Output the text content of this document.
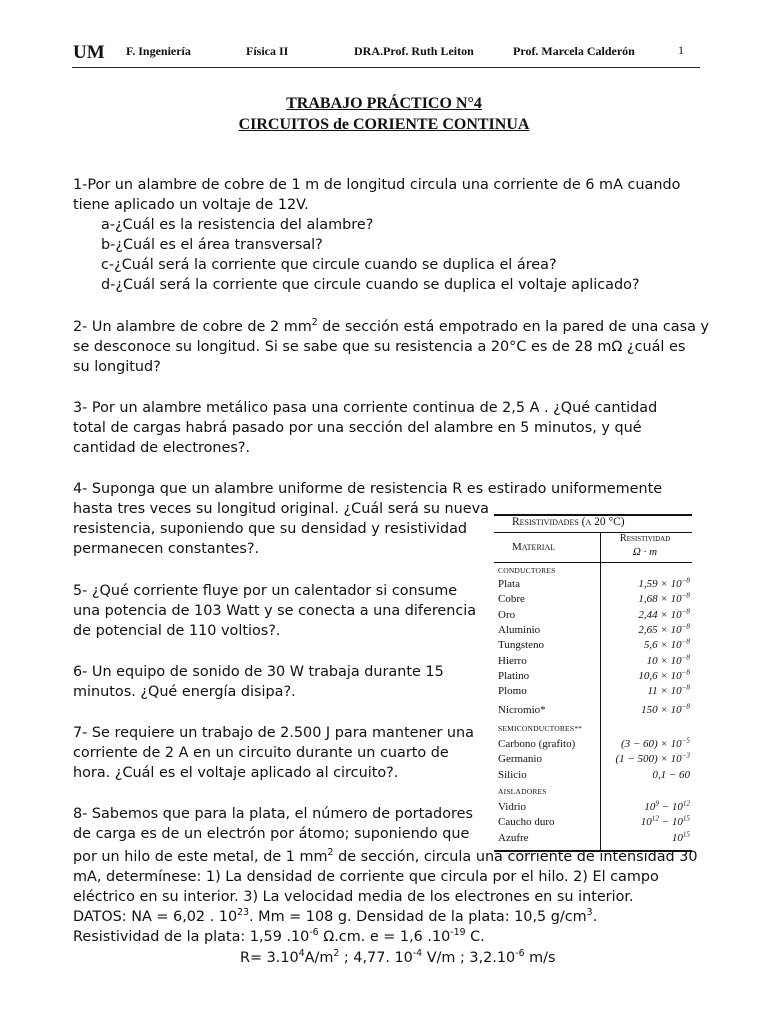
UM F. Ingeniería	Física II	DRA.Prof. Ruth Leiton	Prof. Marcela Calderón	1
TRABAJO PRÁCTICO N°4
CIRCUITOS de CORIENTE CONTINUA
1-Por un alambre de cobre de 1 m de longitud circula una corriente de 6 mA cuando
tiene aplicado un voltaje de 12V.
a-¿Cuál es la resistencia del alambre?
b-¿Cuál es el área transversal?
c-¿Cuál será la corriente que circule cuando se duplica el área?
d-¿Cuál será la corriente que circule cuando se duplica el voltaje aplicado?
2- Un alambre de cobre de 2 $mm^2$ de sección está empotrado en la pared de una casa y
se desconoce su longitud. Si se sabe que su resistencia a 20°C es de 28 mΩ ¿cuál es
su longitud?
3- Por un alambre metálico pasa una corriente continua de 2,5 A . ¿Qué cantidad
total de cargas habrá pasado por una sección del alambre en 5 minutos, y qué
cantidad de electrones?.
4- Suponga que un alambre uniforme de resistencia R es estirado uniformemente
hasta tres veces su longitud original. ¿Cuál será su nueva
resistencia, suponiendo que su densidad y resistividad
permanecen constantes?.
5- ¿Qué corriente fluye por un calentador si consume
una potencia de 103 Watt y se conecta a una diferencia
de potencial de 110 voltios?.
6- Un equipo de sonido de 30 W trabaja durante 15
minutos. ¿Qué energía disipa?.
7- Se requiere un trabajo de 2.500 J para mantener una
corriente de 2 A en un circuito durante un cuarto de
hora. ¿Cuál es el voltaje aplicado al circuito?.
8- Sabemos que para la plata, el número de portadores
de carga es de un electrón por átomo; suponiendo que
por un hilo de este metal, de 1 $mm^2$ de sección, circula una corriente de intensidad 30
mA, determínese: 1) La densidad de corriente que circula por el hilo. 2) El campo
eléctrico en su interior. 3) La velocidad media de los electrones en su interior.
DATOS: NA = 6,02 . $10^{23}$. Mm = 108 g. Densidad de la plata: 10,5 $g/cm^3$.
Resistividad de la plata: 1,59 $.10^{-6}$ Ω.cm. e = 1,6 $.10^{-19}$ C.
$R= 3.10^4A/m^2$ ; 4,77. $10^{-4}$ V/m ; $3,2.10^{-6}$ m/s
Resistividades (a 20 °C)
Material
Resistividad
Ω · m
CONDUCTORES
Plata	$1,59 \times 10^{-8}$
Cobre	$1,68 \times 10^{-8}$
Oro	$2,44 \times 10^{-8}$
Aluminio	$2,65 \times 10^{-8}$
Tungsteno	$5,6 \times 10^{-8}$
Hierro	$10 \times 10^{-8}$
Platino	$10,6 \times 10^{-8}$
Plomo	$11 \times 10^{-8}$
Nicromio*	$150 \times 10^{-8}$
SEMICONDUCTORES**
Carbono (grafito)	$(3 - 60) \times 10^{-5}$
Germanio	$(1 - 500) \times 10^{-3}$
Silicio	0,1 − 60
AISLADORES
Vidrio	$10^9 - 10^{12}$
Caucho duro	$10^{12} - 10^{15}$
Azufre	$10^{15}$
